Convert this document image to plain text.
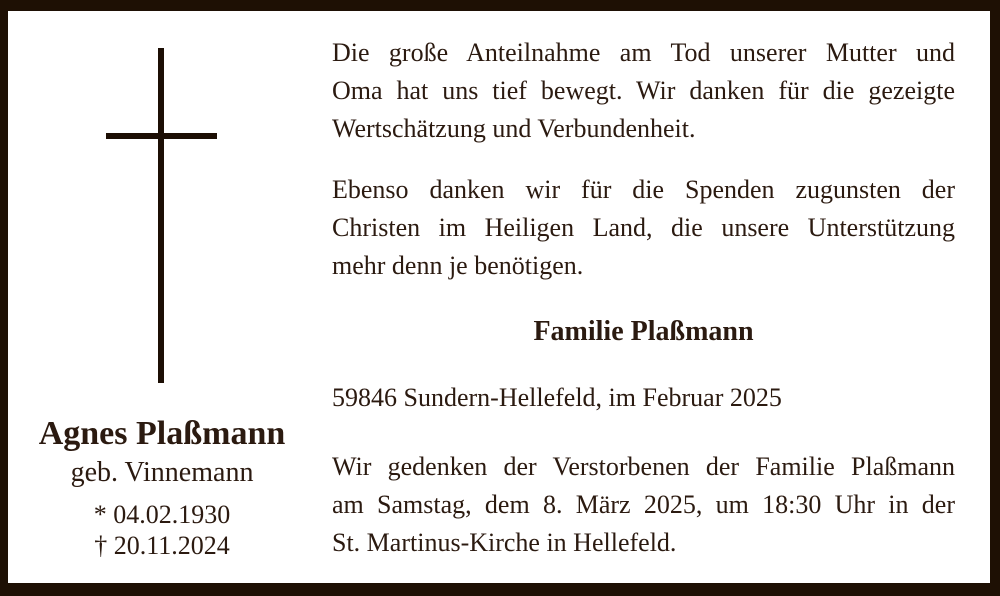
Agnes Plaßmann
geb. Vinnemann
* 04.02.1930
† 20.11.2024
Die große Anteilnahme am Tod unserer Mutter und
Oma hat uns tief bewegt. Wir danken für die gezeigte
Wertschätzung und Verbundenheit.
Ebenso danken wir für die Spenden zugunsten der
Christen im Heiligen Land, die unsere Unterstützung
mehr denn je benötigen.
Familie Plaßmann
59846 Sundern-Hellefeld, im Februar 2025
Wir gedenken der Verstorbenen der Familie Plaßmann
am Samstag, dem 8. März 2025, um 18:30 Uhr in der
St. Martinus-Kirche in Hellefeld.
